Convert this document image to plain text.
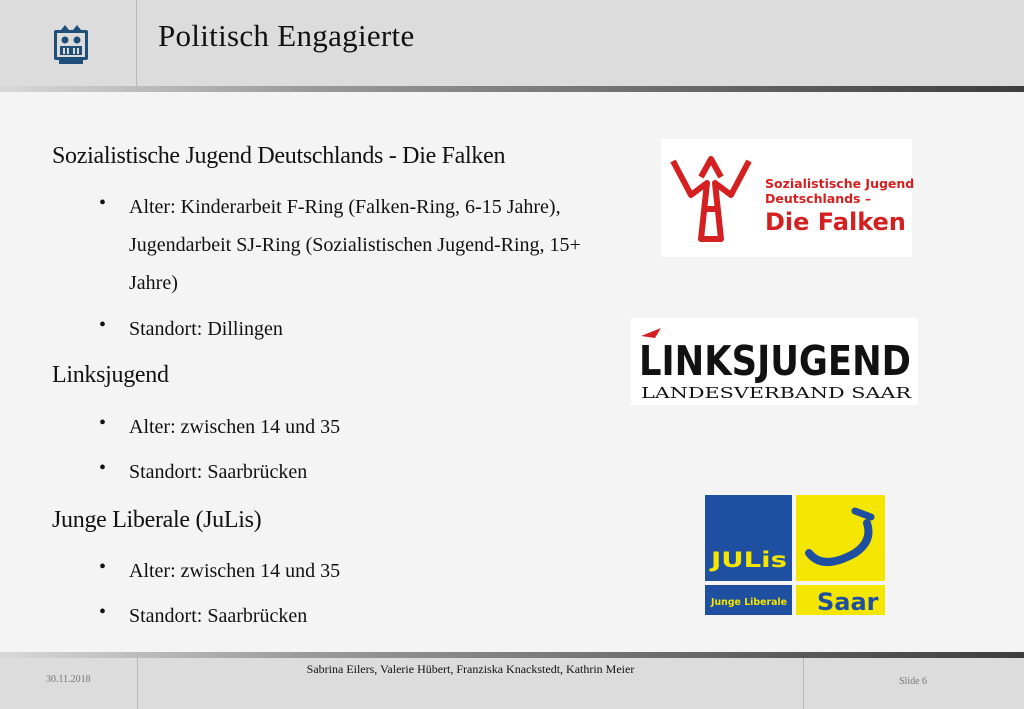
Politisch Engagierte
Sozialistische Jugend Deutschlands - Die Falken
• Alter: Kinderarbeit F-Ring (Falken-Ring, 6-15 Jahre), Jugendarbeit SJ-Ring (Sozialistischen Jugend-Ring, 15+ Jahre)
• Standort: Dillingen
Linksjugend
• Alter: zwischen 14 und 35
• Standort: Saarbrücken
Junge Liberale (JuLis)
• Alter: zwischen 14 und 35
• Standort: Saarbrücken
Sozialistische Jugend
Deutschlands –
Die Falken
LINKSJUGEND
LANDESVERBAND SAAR
JULis
Junge Liberale Saar
30.11.2018
Sabrina Eilers, Valerie Hübert, Franziska Knackstedt, Kathrin Meier
Slide 6
